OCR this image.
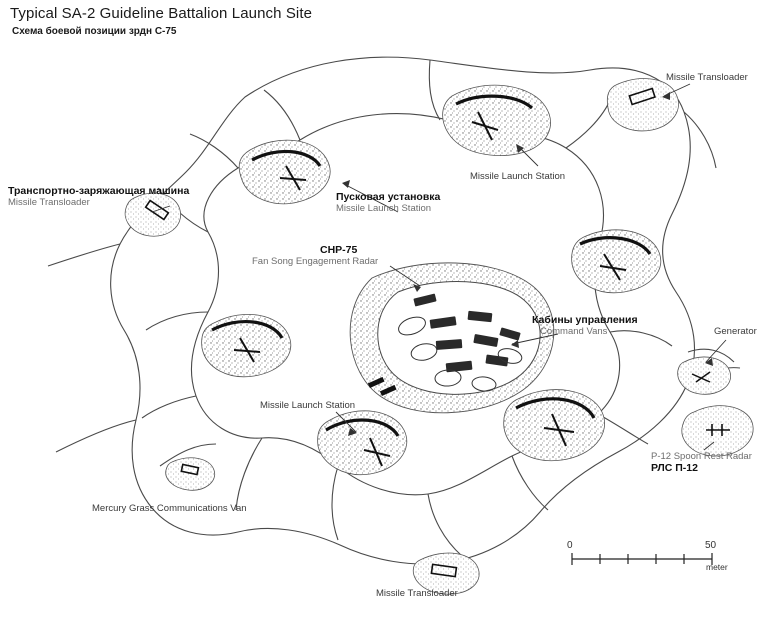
Typical SA-2 Guideline Battalion Launch Site
Схема боевой позиции зрдн С-75
Missile Transloader
Missile Launch Station
Транспортно-заряжающая машина
Missile Transloader	Пусковая установка
Missile Launch Station
СНР-75
Fan Song Engagement Radar
Кабины управления
Command Vans	Generator
Missile Launch Station
P-12 Spoon Rest Radar
РЛС П-12
Mercury Grass Communications Van
Missile Transloader
0	50
meter
